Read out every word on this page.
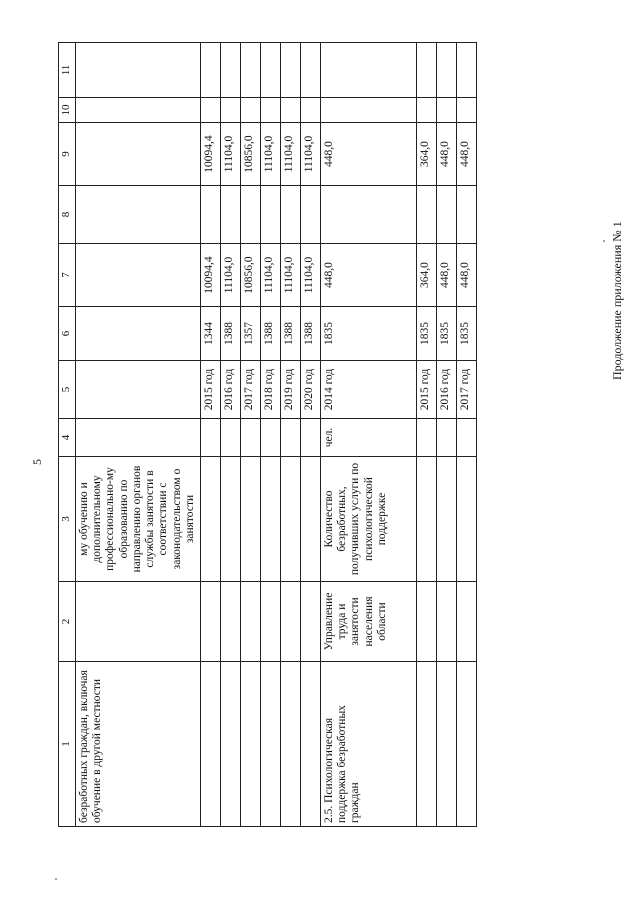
5
Продолжение приложения № 1
1	2	3	4	5	6	7	8	9	10	11
безработных граждан, включая обучение в другой местности		му обучению и дополнительному профессионально-му образованию по направлению органов службы занятости в соответствии с законодательством о занятости								
				2015 год	1344	10094,4		10094,4		
				2016 год	1388	11104,0		11104,0		
				2017 год	1357	10856,0		10856,0		
				2018 год	1388	11104,0		11104,0		
				2019 год	1388	11104,0		11104,0		
				2020 год	1388	11104,0		11104,0		
2.5. Психологическая поддержка безработных граждан	Управление труда и занятости населения области	Количество безработных, получивших услуги по психологической поддержке	чел.	2014 год	1835	448,0		448,0		
				2015 год	1835	364,0		364,0		
				2016 год	1835	448,0		448,0		
				2017 год	1835	448,0		448,0		
